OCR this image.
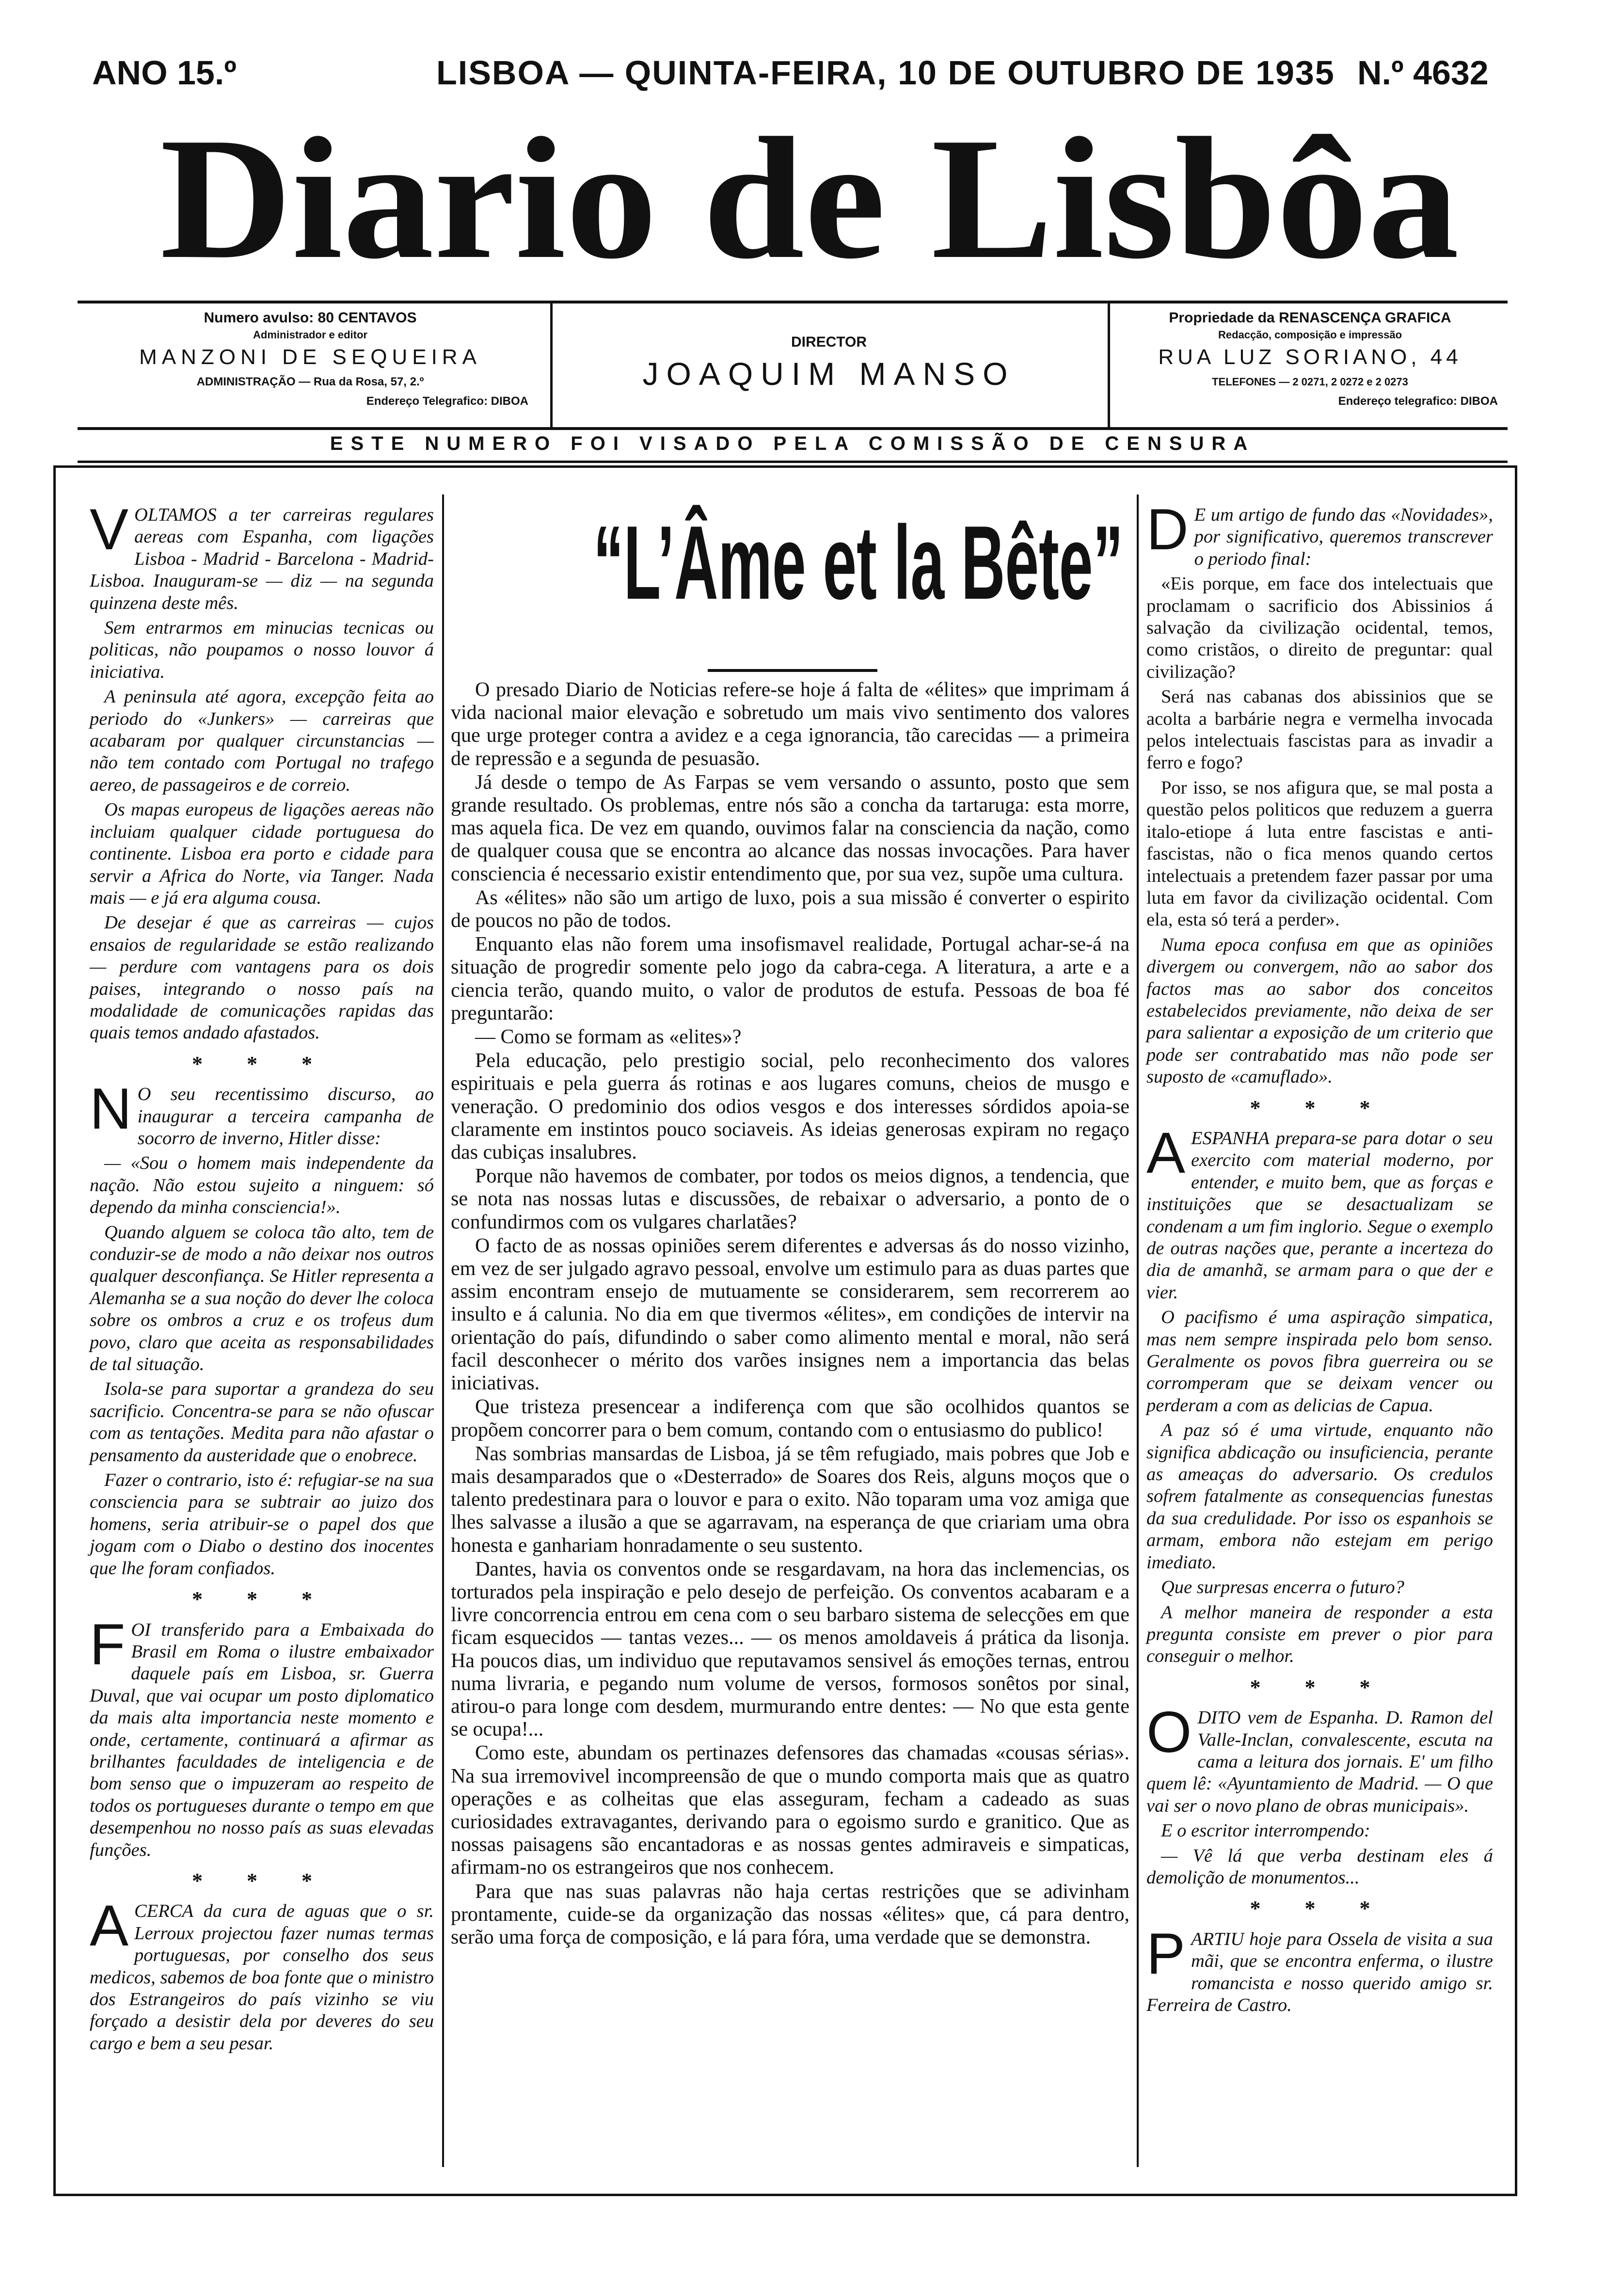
ANO 15.º	LISBOA — QUINTA-FEIRA, 10 DE OUTUBRO DE 1935 N.º 4632
Diario de Lisbôa
Numero avulso: 80 CENTAVOS
Administrador e editor
MANZONI DE SEQUEIRA
ADMINISTRAÇÃO — Rua da Rosa, 57, 2.º
Endereço Telegrafico: DIBOA
DIRECTOR
JOAQUIM MANSO
Propriedade da RENASCENÇA GRAFICA
Redacção, composição e impressão
RUA LUZ SORIANO, 44
TELEFONES — 2 0271, 2 0272 e 2 0273
Endereço telegrafico: DIBOA
ESTE NUMERO FOI VISADO PELA COMISSÃO DE CENSURA

VOLTAMOS a ter carreiras regulares aereas com Espanha, com ligações Lisboa - Madrid - Barcelona - Madrid-Lisboa. Inauguram-se — diz — na segunda quinzena deste mês.

Sem entrarmos em minucias tecnicas ou politicas, não poupamos o nosso louvor á iniciativa.

A peninsula até agora, excepção feita ao periodo do «Junkers» — carreiras que acabaram por qualquer circunstancias — não tem contado com Portugal no trafego aereo, de passageiros e de correio.

Os mapas europeus de ligações aereas não incluiam qualquer cidade portuguesa do continente. Lisboa era porto e cidade para servir a Africa do Norte, via Tanger. Nada mais — e já era alguma cousa.

De desejar é que as carreiras — cujos ensaios de regularidade se estão realizando — perdure com vantagens para os dois paises, integrando o nosso país na modalidade de comunicações rapidas das quais temos andado afastados.

* * *

N O seu recentissimo discurso, ao inaugurar a terceira campanha de socorro de inverno, Hitler disse:

— «Sou o homem mais independente da nação. Não estou sujeito a ninguem: só dependo da minha consciencia!».

Quando alguem se coloca tão alto, tem de conduzir-se de modo a não deixar nos outros qualquer desconfiança. Se Hitler representa a Alemanha se a sua noção do dever lhe coloca sobre os ombros a cruz e os trofeus dum povo, claro que aceita as responsabilidades de tal situação.

Isola-se para suportar a grandeza do seu sacrificio. Concentra-se para se não ofuscar com as tentações. Medita para não afastar o pensamento da austeridade que o enobrece.

Fazer o contrario, isto é: refugiar-se na sua consciencia para se subtrair ao juizo dos homens, seria atribuir-se o papel dos que jogam com o Diabo o destino dos inocentes que lhe foram confiados.

* * *

FOI transferido para a Embaixada do Brasil em Roma o ilustre embaixador daquele país em Lisboa, sr. Guerra Duval, que vai ocupar um posto diplomatico da mais alta importancia neste momento e onde, certamente, continuará a afirmar as brilhantes faculdades de inteligencia e de bom senso que o impuzeram ao respeito de todos os portugueses durante o tempo em que desempenhou no nosso país as suas elevadas funções.

* * *

ACERCA da cura de aguas que o sr. Lerroux projectou fazer numas termas portuguesas, por conselho dos seus medicos, sabemos de boa fonte que o ministro dos Estrangeiros do país vizinho se viu forçado a desistir dela por deveres do seu cargo e bem a seu pesar.

“L’Âme et la Bête”

O presado Diario de Noticias refere-se hoje á falta de «élites» que imprimam á vida nacional maior elevação e sobretudo um mais vivo sentimento dos valores que urge proteger contra a avidez e a cega ignorancia, tão carecidas — a primeira de repressão e a segunda de pesuasão.

Já desde o tempo de As Farpas se vem versando o assunto, posto que sem grande resultado. Os problemas, entre nós são a concha da tartaruga: esta morre, mas aquela fica. De vez em quando, ouvimos falar na consciencia da nação, como de qualquer cousa que se encontra ao alcance das nossas invocações. Para haver consciencia é necessario existir entendimento que, por sua vez, supõe uma cultura.

As «élites» não são um artigo de luxo, pois a sua missão é converter o espirito de poucos no pão de todos.

Enquanto elas não forem uma insofismavel realidade, Portugal achar-se-á na situação de progredir somente pelo jogo da cabra-cega. A literatura, a arte e a ciencia terão, quando muito, o valor de produtos de estufa. Pessoas de boa fé preguntarão:

— Como se formam as «elites»?

Pela educação, pelo prestigio social, pelo reconhecimento dos valores espirituais e pela guerra ás rotinas e aos lugares comuns, cheios de musgo e veneração. O predominio dos odios vesgos e dos interesses sórdidos apoia-se claramente em instintos pouco sociaveis. As ideias generosas expiram no regaço das cubiças insalubres.

Porque não havemos de combater, por todos os meios dignos, a tendencia, que se nota nas nossas lutas e discussões, de rebaixar o adversario, a ponto de o confundirmos com os vulgares charlatães?

O facto de as nossas opiniões serem diferentes e adversas ás do nosso vizinho, em vez de ser julgado agravo pessoal, envolve um estimulo para as duas partes que assim encontram ensejo de mutuamente se considerarem, sem recorrerem ao insulto e á calunia. No dia em que tivermos «élites», em condições de intervir na orientação do país, difundindo o saber como alimento mental e moral, não será facil desconhecer o mérito dos varões insignes nem a importancia das belas iniciativas.

Que tristeza presencear a indiferença com que são ocolhidos quantos se propõem concorrer para o bem comum, contando com o entusiasmo do publico!

Nas sombrias mansardas de Lisboa, já se têm refugiado, mais pobres que Job e mais desamparados que o «Desterrado» de Soares dos Reis, alguns moços que o talento predestinara para o louvor e para o exito. Não toparam uma voz amiga que lhes salvasse a ilusão a que se agarravam, na esperança de que criariam uma obra honesta e ganhariam honradamente o seu sustento.

Dantes, havia os conventos onde se resgardavam, na hora das inclemencias, os torturados pela inspiração e pelo desejo de perfeição. Os conventos acabaram e a livre concorrencia entrou em cena com o seu barbaro sistema de selecções em que ficam esquecidos — tantas vezes... — os menos amoldaveis á prática da lisonja. Ha poucos dias, um individuo que reputavamos sensivel ás emoções ternas, entrou numa livraria, e pegando num volume de versos, formosos sonêtos por sinal, atirou-o para longe com desdem, murmurando entre dentes: — No que esta gente se ocupa!...

Como este, abundam os pertinazes defensores das chamadas «cousas sérias». Na sua irremovivel incompreensão de que o mundo comporta mais que as quatro operações e as colheitas que elas asseguram, fecham a cadeado as suas curiosidades extravagantes, derivando para o egoismo surdo e granitico. Que as nossas paisagens são encantadoras e as nossas gentes admiraveis e simpaticas, afirmam-no os estrangeiros que nos conhecem.

Para que nas suas palavras não haja certas restrições que se adivinham prontamente, cuide-se da organização das nossas «élites» que, cá para dentro, serão uma força de composição, e lá para fóra, uma verdade que se demonstra.

D E um artigo de fundo das «Novidades», por significativo, queremos transcrever o periodo final:

«Eis porque, em face dos intelectuais que proclamam o sacrificio dos Abissinios á salvação da civilização ocidental, temos, como cristãos, o direito de preguntar: qual civilização?

Será nas cabanas dos abissinios que se acolta a barbárie negra e vermelha invocada pelos intelectuais fascistas para as invadir a ferro e fogo?

Por isso, se nos afigura que, se mal posta a questão pelos politicos que reduzem a guerra italo-etiope á luta entre fascistas e anti-fascistas, não o fica menos quando certos intelectuais a pretendem fazer passar por uma luta em favor da civilização ocidental. Com ela, esta só terá a perder».

Numa epoca confusa em que as opiniões divergem ou convergem, não ao sabor dos factos mas ao sabor dos conceitos estabelecidos previamente, não deixa de ser para salientar a exposição de um criterio que pode ser contrabatido mas não pode ser suposto de «camuflado».

* * *

AESPANHA prepara-se para dotar o seu exercito com material moderno, por entender, e muito bem, que as forças e instituições que se desactualizam se condenam a um fim inglorio. Segue o exemplo de outras nações que, perante a incerteza do dia de amanhã, se armam para o que der e vier.

O pacifismo é uma aspiração simpatica, mas nem sempre inspirada pelo bom senso. Geralmente os povos fibra guerreira ou se corromperam que se deixam vencer ou perderam a com as delicias de Capua.

A paz só é uma virtude, enquanto não significa abdicação ou insuficiencia, perante as ameaças do adversario. Os credulos sofrem fatalmente as consequencias funestas da sua credulidade. Por isso os espanhois se armam, embora não estejam em perigo imediato.

Que surpresas encerra o futuro?

A melhor maneira de responder a esta pregunta consiste em prever o pior para conseguir o melhor.

* * *

ODITO vem de Espanha. D. Ramon del Valle-Inclan, convalescente, escuta na cama a leitura dos jornais. E' um filho quem lê: «Ayuntamiento de Madrid. — O que vai ser o novo plano de obras municipais».

E o escritor interrompendo:

— Vê lá que verba destinam eles á demolição de monumentos...

* * *

PARTIU hoje para Ossela de visita a sua mãi, que se encontra enferma, o ilustre romancista e nosso querido amigo sr. Ferreira de Castro.
